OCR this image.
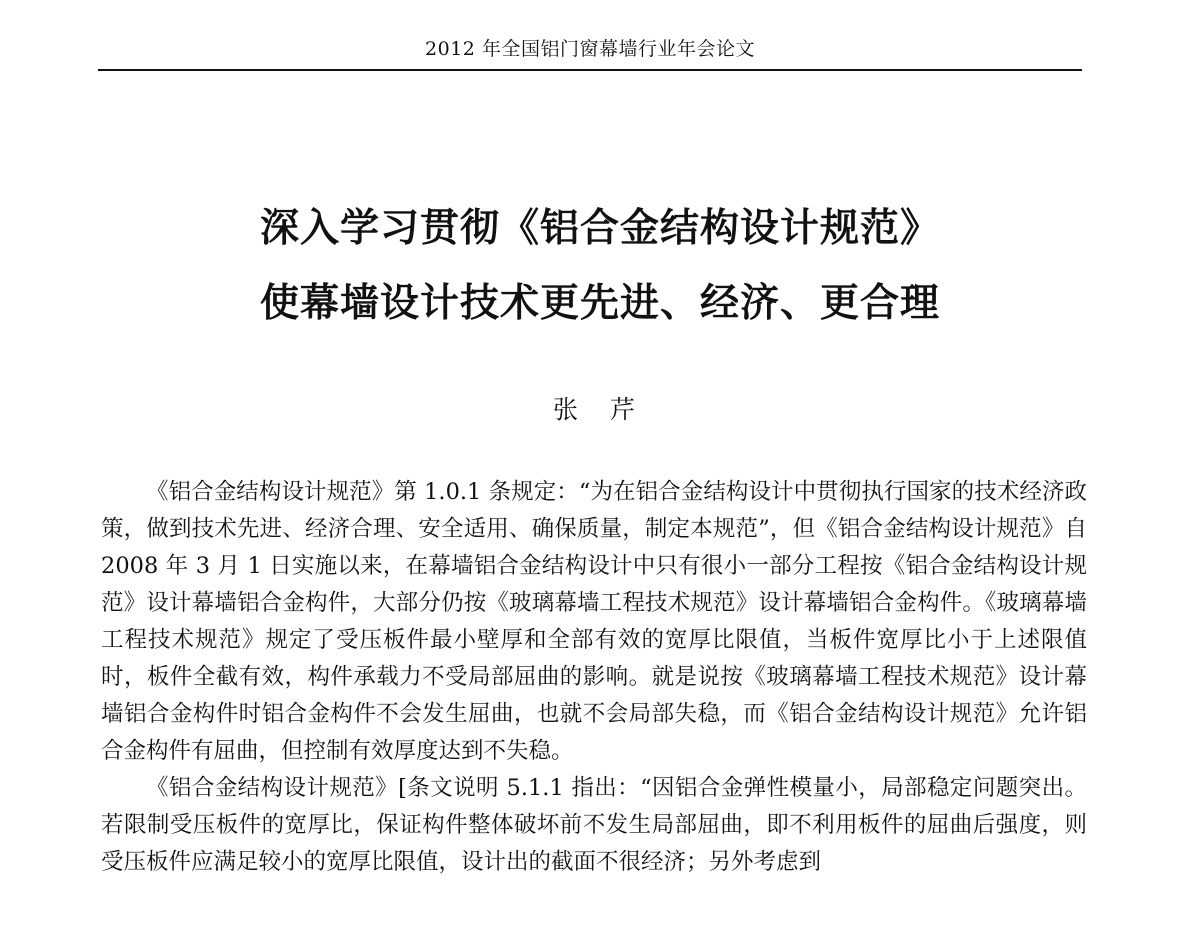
2012 年全国铝门窗幕墙行业年会论文
深入学习贯彻《铝合金结构设计规范》
使幕墙设计技术更先进、经济、更合理
张 芹

《铝合金结构设计规范》第 1.0.1 条规定：“为在铝合金结构设计中贯彻执行国家的技术经济政策，做到技术先进、经济合理、安全适用、确保质量，制定本规范”，但《铝合金结构设计规范》自 2008 年 3 月 1 日实施以来，在幕墙铝合金结构设计中只有很小一部分工程按《铝合金结构设计规范》设计幕墙铝合金构件，大部分仍按《玻璃幕墙工程技术规范》设计幕墙铝合金构件。《玻璃幕墙工程技术规范》规定了受压板件最小壁厚和全部有效的宽厚比限值，当板件宽厚比小于上述限值时，板件全截有效，构件承载力不受局部屈曲的影响。就是说按《玻璃幕墙工程技术规范》设计幕墙铝合金构件时铝合金构件不会发生屈曲，也就不会局部失稳，而《铝合金结构设计规范》允许铝合金构件有屈曲，但控制有效厚度达到不失稳。

《铝合金结构设计规范》[条文说明 5.1.1 指出：“因铝合金弹性模量小，局部稳定问题突出。若限制受压板件的宽厚比，保证构件整体破坏前不发生局部屈曲，即不利用板件的屈曲后强度，则受压板件应满足较小的宽厚比限值，设计出的截面不很经济；另外考虑到
